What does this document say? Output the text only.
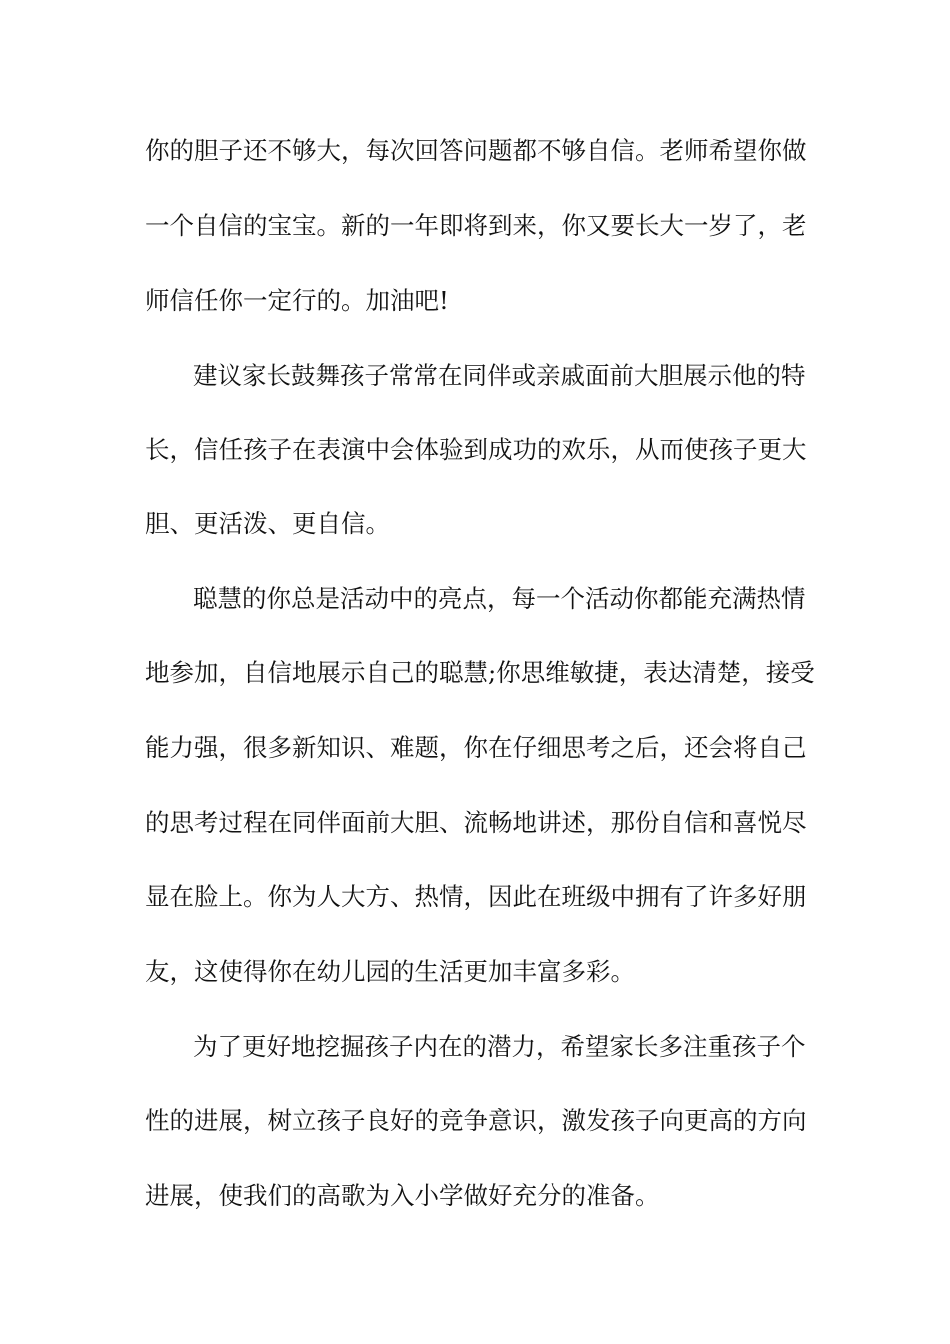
你的胆子还不够大，每次回答问题都不够自信。老师希望你做
一个自信的宝宝。新的一年即将到来，你又要长大一岁了，老
师信任你一定行的。加油吧!
建议家长鼓舞孩子常常在同伴或亲戚面前大胆展示他的特
长，信任孩子在表演中会体验到成功的欢乐，从而使孩子更大
胆、更活泼、更自信。
聪慧的你总是活动中的亮点，每一个活动你都能充满热情
地参加，自信地展示自己的聪慧;你思维敏捷，表达清楚，接受
能力强，很多新知识、难题，你在仔细思考之后，还会将自己
的思考过程在同伴面前大胆、流畅地讲述，那份自信和喜悦尽
显在脸上。你为人大方、热情，因此在班级中拥有了许多好朋
友，这使得你在幼儿园的生活更加丰富多彩。
为了更好地挖掘孩子内在的潜力，希望家长多注重孩子个
性的进展，树立孩子良好的竞争意识，激发孩子向更高的方向
进展，使我们的高歌为入小学做好充分的准备。
